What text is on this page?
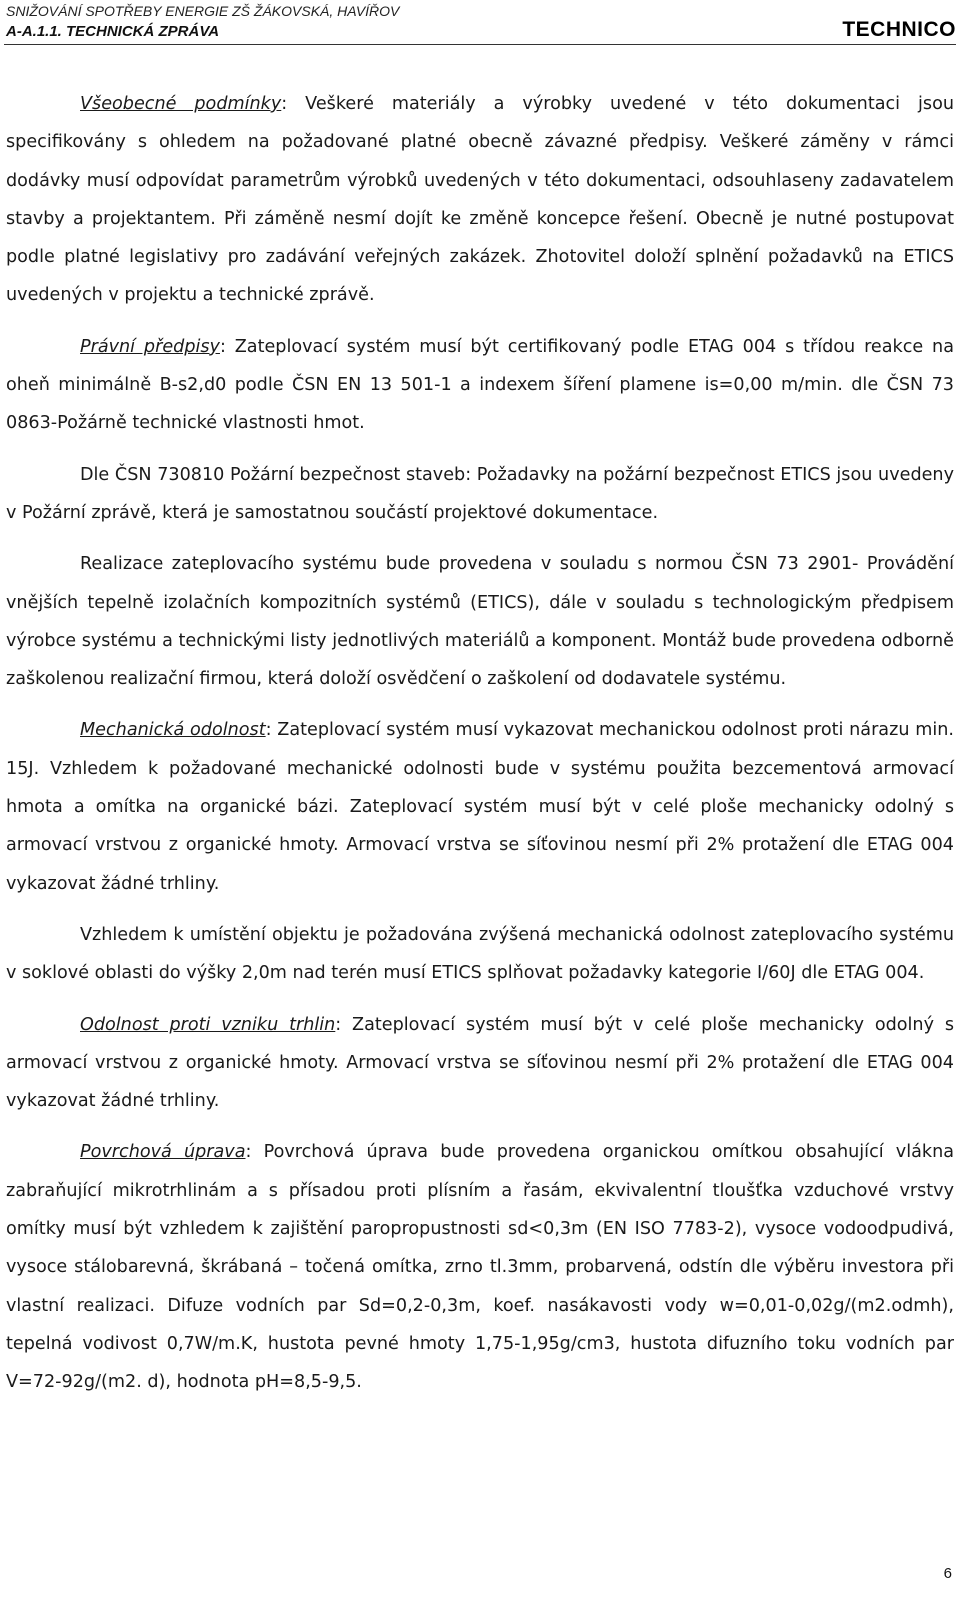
SNIŽOVÁNÍ SPOTŘEBY ENERGIE ZŠ ŽÁKOVSKÁ, HAVÍŘOV
A-A.1.1. TECHNICKÁ ZPRÁVA	TECHNICO

Všeobecné podmínky: Veškeré materiály a výrobky uvedené v této dokumentaci jsou specifikovány s ohledem na požadované platné obecně závazné předpisy. Veškeré záměny v rámci dodávky musí odpovídat parametrům výrobků uvedených v této dokumentaci, odsouhlaseny zadavatelem stavby a projektantem. Při záměně nesmí dojít ke změně koncepce řešení. Obecně je nutné postupovat podle platné legislativy pro zadávání veřejných zakázek. Zhotovitel doloží splnění požadavků na ETICS uvedených v projektu a technické zprávě.

Právní předpisy: Zateplovací systém musí být certifikovaný podle ETAG 004 s třídou reakce na oheň minimálně B-s2,d0 podle ČSN EN 13 501-1 a indexem šíření plamene is=0,00 m/min. dle ČSN 73 0863-Požárně technické vlastnosti hmot.

Dle ČSN 730810 Požární bezpečnost staveb: Požadavky na požární bezpečnost ETICS jsou uvedeny v Požární zprávě, která je samostatnou součástí projektové dokumentace.

Realizace zateplovacího systému bude provedena v souladu s normou ČSN 73 2901- Provádění vnějších tepelně izolačních kompozitních systémů (ETICS), dále v souladu s technologickým předpisem výrobce systému a technickými listy jednotlivých materiálů a komponent. Montáž bude provedena odborně zaškolenou realizační firmou, která doloží osvědčení o zaškolení od dodavatele systému.

Mechanická odolnost: Zateplovací systém musí vykazovat mechanickou odolnost proti nárazu min. 15J. Vzhledem k požadované mechanické odolnosti bude v systému použita bezcementová armovací hmota a omítka na organické bázi. Zateplovací systém musí být v celé ploše mechanicky odolný s armovací vrstvou z organické hmoty. Armovací vrstva se síťovinou nesmí při 2% protažení dle ETAG 004 vykazovat žádné trhliny.

Vzhledem k umístění objektu je požadována zvýšená mechanická odolnost zateplovacího systému v soklové oblasti do výšky 2,0m nad terén musí ETICS splňovat požadavky kategorie I/60J dle ETAG 004.

Odolnost proti vzniku trhlin: Zateplovací systém musí být v celé ploše mechanicky odolný s armovací vrstvou z organické hmoty. Armovací vrstva se síťovinou nesmí při 2% protažení dle ETAG 004 vykazovat žádné trhliny.

Povrchová úprava: Povrchová úprava bude provedena organickou omítkou obsahující vlákna zabraňující mikrotrhlinám a s přísadou proti plísním a řasám, ekvivalentní tloušťka vzduchové vrstvy omítky musí být vzhledem k zajištění paropropustnosti sd<0,3m (EN ISO 7783-2), vysoce vodoodpudivá, vysoce stálobarevná, škrábaná – točená omítka, zrno tl.3mm, probarvená, odstín dle výběru investora při vlastní realizaci. Difuze vodních par Sd=0,2-0,3m, koef. nasákavosti vody w=0,01-0,02g/(m2.odmh), tepelná vodivost 0,7W/m.K, hustota pevné hmoty 1,75-1,95g/cm3, hustota difuzního toku vodních par V=72-92g/(m2. d), hodnota pH=8,5-9,5.

6
